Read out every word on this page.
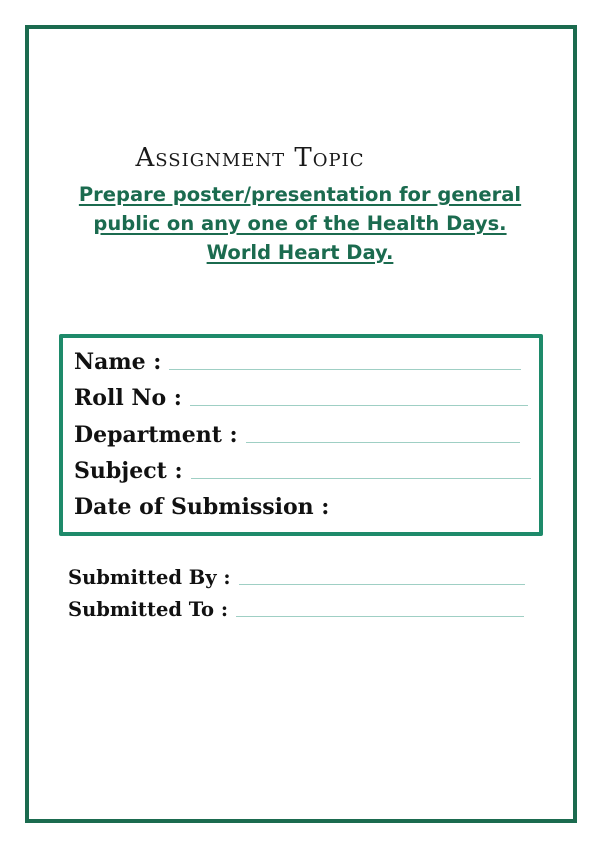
Assignment Topic
Prepare poster/presentation for general
public on any one of the Health Days.
World Heart Day.
Name :
Roll No :
Department :
Subject :
Date of Submission :
Submitted By :
Submitted To :
